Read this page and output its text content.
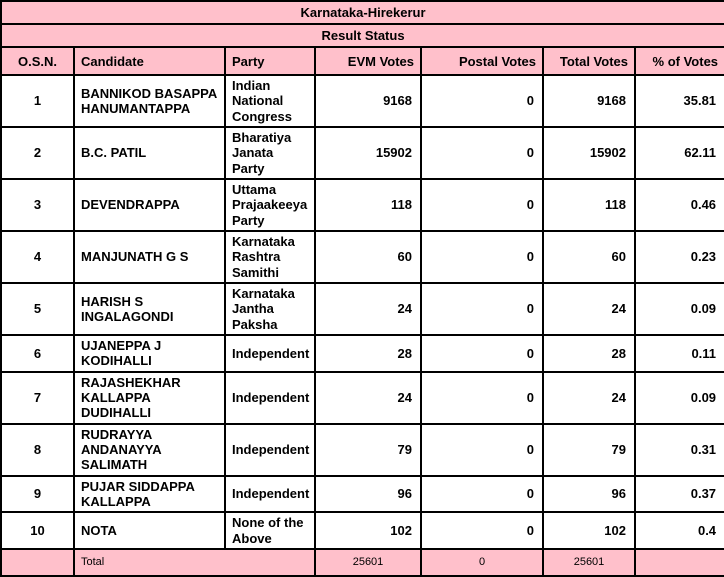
Karnataka-Hirekerur						
Result Status						
O.S.N.	Candidate	Party	EVM Votes	Postal Votes	Total Votes	% of Votes
1	BANNIKOD BASAPPA HANUMANTAPPA	Indian National Congress	9168	0	9168	35.81
2	B.C. PATIL	Bharatiya Janata Party	15902	0	15902	62.11
3	DEVENDRAPPA	Uttama Prajaakeeya Party	118	0	118	0.46
4	MANJUNATH G S	Karnataka Rashtra Samithi	60	0	60	0.23
5	HARISH S INGALAGONDI	Karnataka Jantha Paksha	24	0	24	0.09
6	UJANEPPA J KODIHALLI	Independent	28	0	28	0.11
7	RAJASHEKHAR KALLAPPA DUDIHALLI	Independent	24	0	24	0.09
8	RUDRAYYA ANDANAYYA SALIMATH	Independent	79	0	79	0.31
9	PUJAR SIDDAPPA KALLAPPA	Independent	96	0	96	0.37
10	NOTA	None of the Above	102	0	102	0.4
	Total		25601	0	25601	
